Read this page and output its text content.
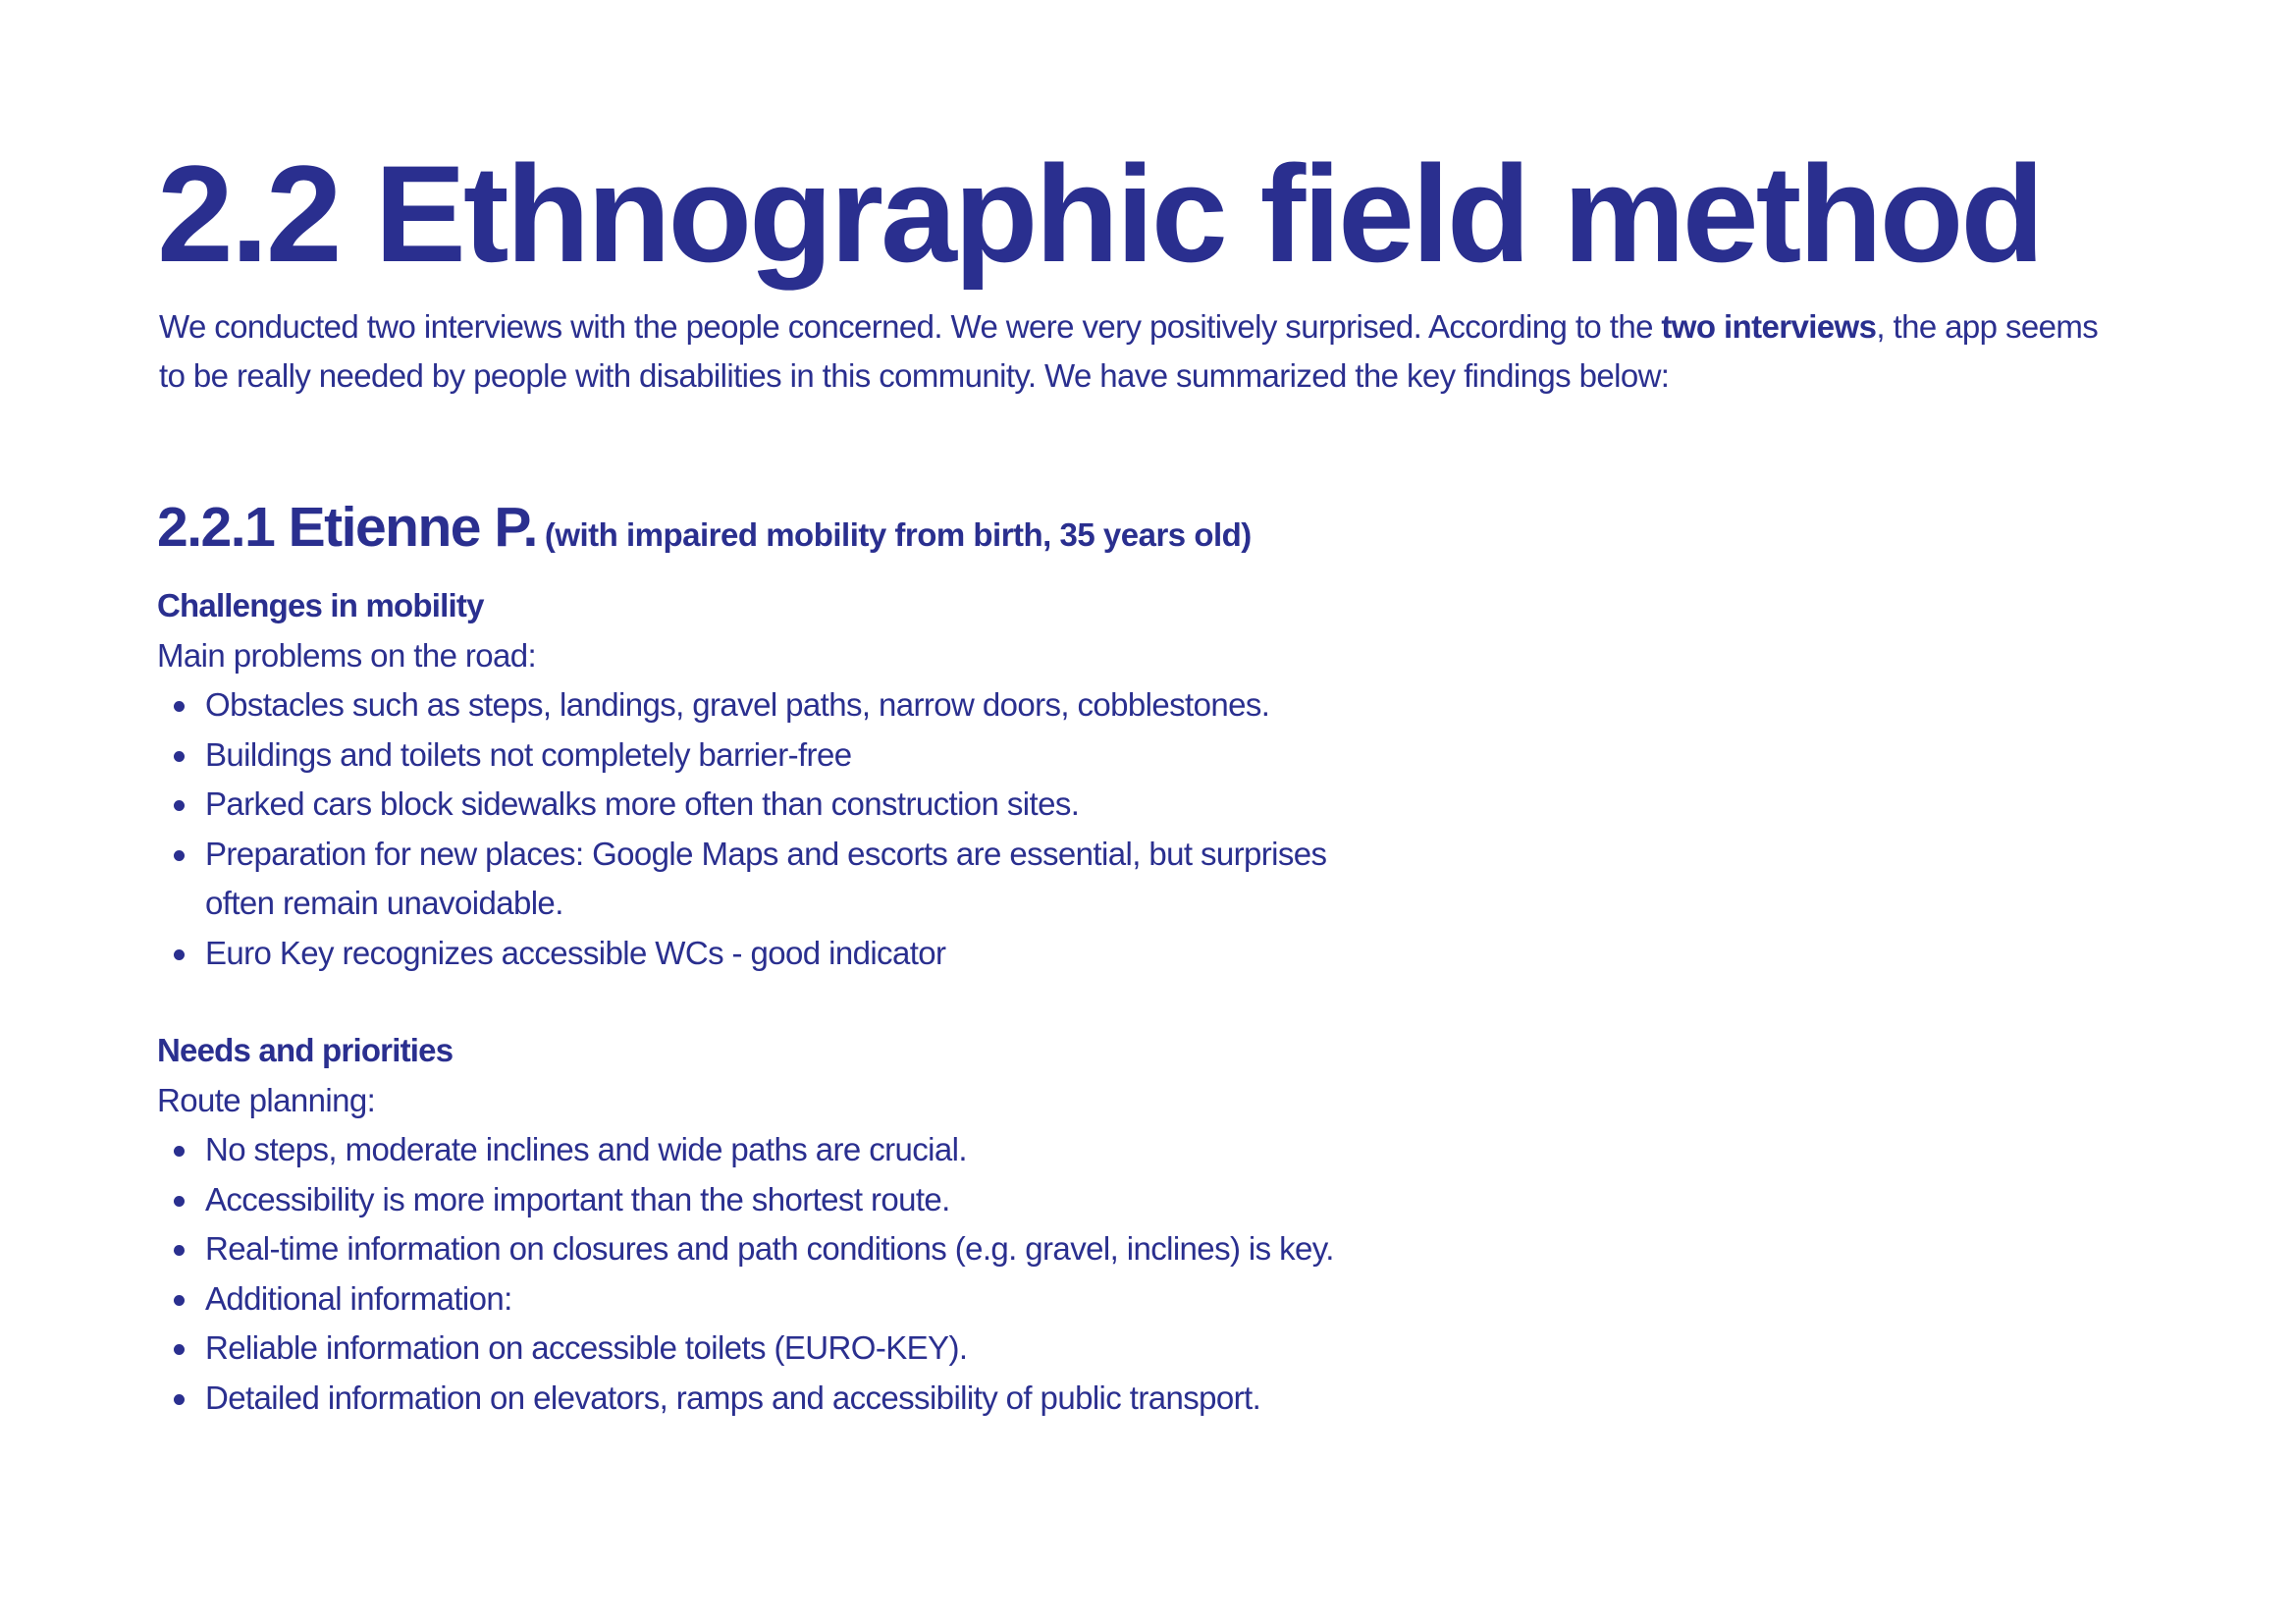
2.2 Ethnographic field method

We conducted two interviews with the people concerned. We were very positively surprised. According to the two interviews, the app seems to be really needed by people with disabilities in this community. We have summarized the key findings below:

2.2.1 Etienne P. (with impaired mobility from birth, 35 years old)
Challenges in mobility

Main problems on the road:

Obstacles such as steps, landings, gravel paths, narrow doors, cobblestones.
Buildings and toilets not completely barrier-free
Parked cars block sidewalks more often than construction sites.
Preparation for new places: Google Maps and escorts are essential, but surprises often remain unavoidable.
Euro Key recognizes accessible WCs - good indicator
Needs and priorities

Route planning:

No steps, moderate inclines and wide paths are crucial.
Accessibility is more important than the shortest route.
Real-time information on closures and path conditions (e.g. gravel, inclines) is key.
Additional information:
Reliable information on accessible toilets (EURO-KEY).
Detailed information on elevators, ramps and accessibility of public transport.
